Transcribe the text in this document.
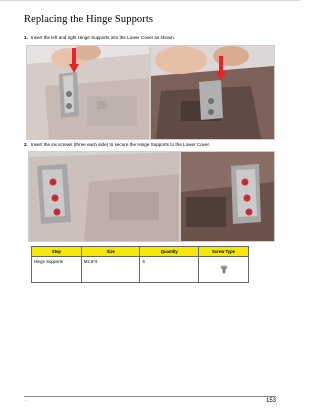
Replacing the Hinge Supports
1. Insert the left and right Hinge Supports into the Lower Cover as shown.
2. Insert the six screws (three each side) to secure the Hinge Supports to the Lower Cover.
Step	Size	Quantity	Screw Type
Hinge Supports	M2.5*4	6	
" "	153
